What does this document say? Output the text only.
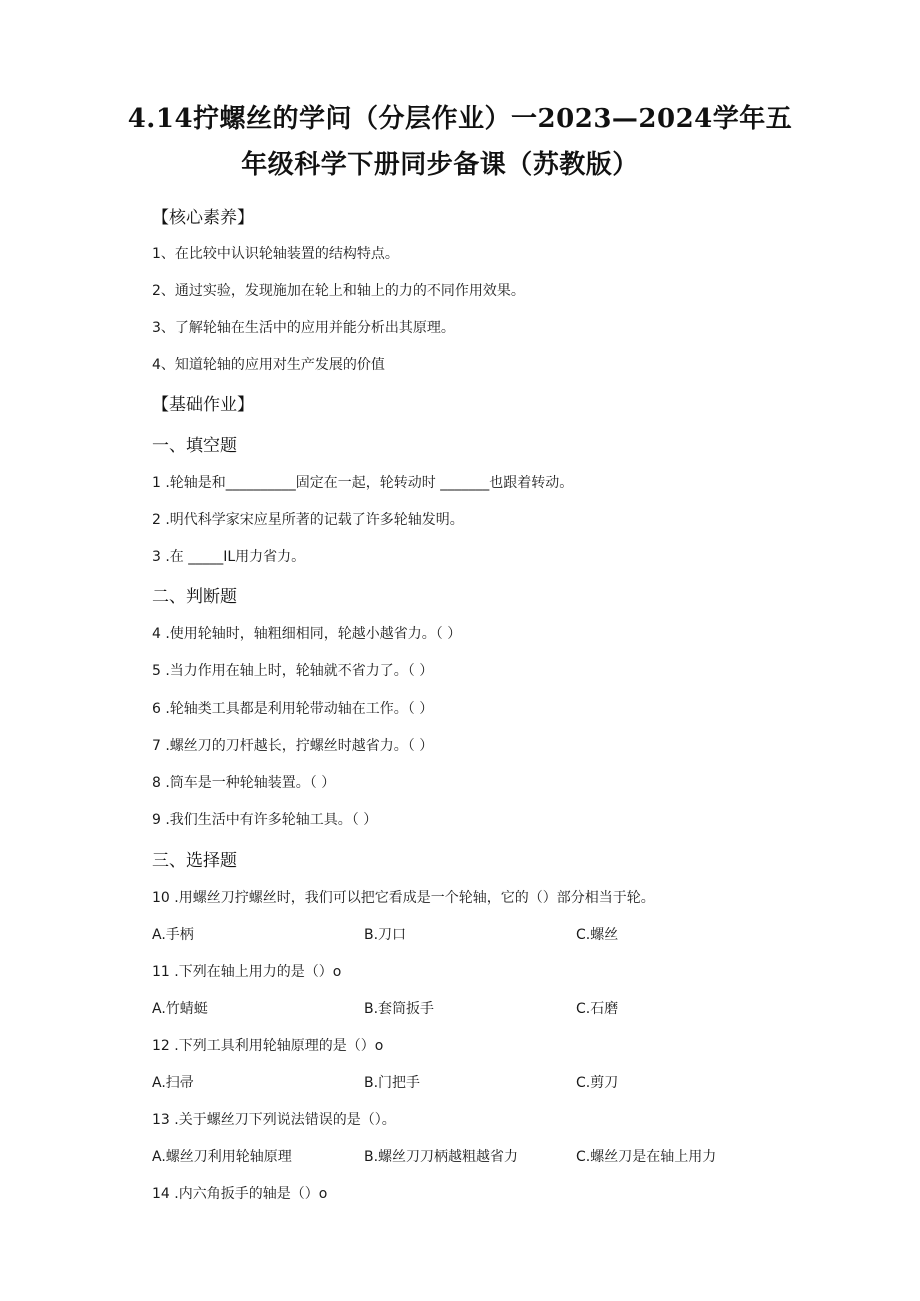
4.14拧螺丝的学问（分层作业）一2023—2024学年五
年级科学下册同步备课（苏教版）
【核心素养】
1、在比较中认识轮轴装置的结构特点。
2、通过实验，发现施加在轮上和轴上的力的不同作用效果。
3、了解轮轴在生活中的应用并能分析出其原理。
4、知道轮轴的应用对生产发展的价值
【基础作业】
一、填空题
1 .轮轴是和__________固定在一起，轮转动时 _______也跟着转动。
2 .明代科学家宋应星所著的记载了许多轮轴发明。
3 .在 _____IL用力省力。
二、判断题
4 .使用轮轴时，轴粗细相同，轮越小越省力。（ ）
5 .当力作用在轴上时，轮轴就不省力了。（ ）
6 .轮轴类工具都是利用轮带动轴在工作。（ ）
7 .螺丝刀的刀杆越长，拧螺丝时越省力。（ ）
8 .筒车是一种轮轴装置。（ ）
9 .我们生活中有许多轮轴工具。（ ）
三、选择题
10 .用螺丝刀拧螺丝时，我们可以把它看成是一个轮轴，它的（）部分相当于轮。
A.手柄	B.刀口	C.螺丝
11 .下列在轴上用力的是（）o
A.竹蜻蜓	B.套筒扳手	C.石磨
12 .下列工具利用轮轴原理的是（）o
A.扫帚	B.门把手	C.剪刀
13 .关于螺丝刀下列说法错误的是（）。
A.螺丝刀利用轮轴原理	B.螺丝刀刀柄越粗越省力	C.螺丝刀是在轴上用力
14 .内六角扳手的轴是（）o
